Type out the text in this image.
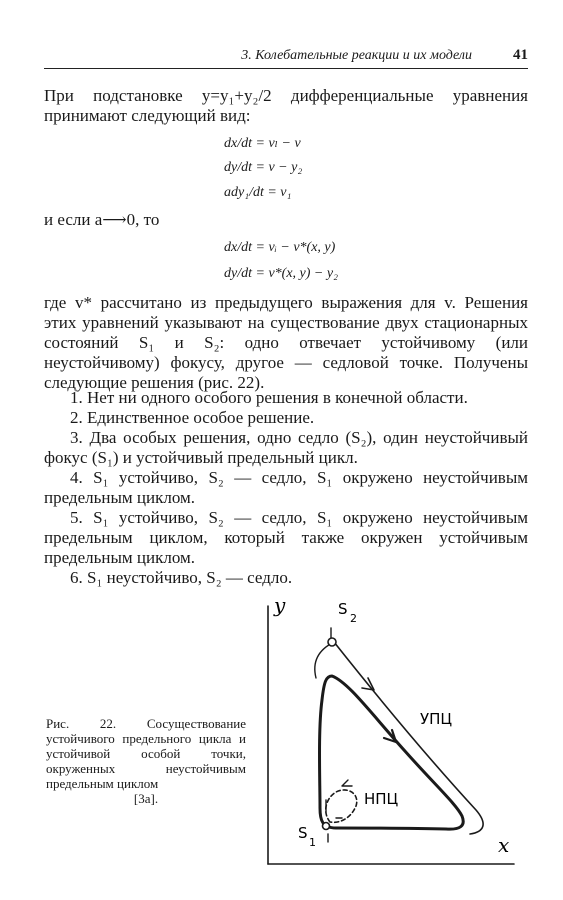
3. Колебательные реакции и их модели	41
При подстановке y=y₁+y₂/2 дифференциальные уравнения принимают следующий вид:
dx/dt = vₗ − v
dy/dt = v − y₂
ady₁/dt = v₁
и если a⟶0, то
dx/dt = vᵢ − v*(x, y)
dy/dt = v*(x, y) − y₂
где v* рассчитано из предыдущего выражения для v. Решения этих уравнений указывают на существование двух стационарных состояний S₁ и S₂: одно отвечает устойчивому (или неустойчивому) фокусу, другое — седловой точке. Получены следующие решения (рис. 22).
1. Нет ни одного особого решения в конечной области.
2. Единственное особое решение.
3. Два особых решения, одно седло (S₂), один неустойчивый фокус (S₁) и устойчивый предельный цикл.
4. S₁ устойчиво, S₂ — седло, S₁ окружено неустойчивым предельным циклом.
5. S₁ устойчиво, S₂ — седло, S₁ окружено неустойчивым предельным циклом, который также окружен устойчивым предельным циклом.
6. S₁ неустойчиво, S₂ — седло.
Рис. 22. Сосуществование устойчивого предельного цикла и устойчивой особой точки, окруженных неустойчивым предельным циклом
[3а].
y
x
S
2
S
1
УПЦ
НПЦ
